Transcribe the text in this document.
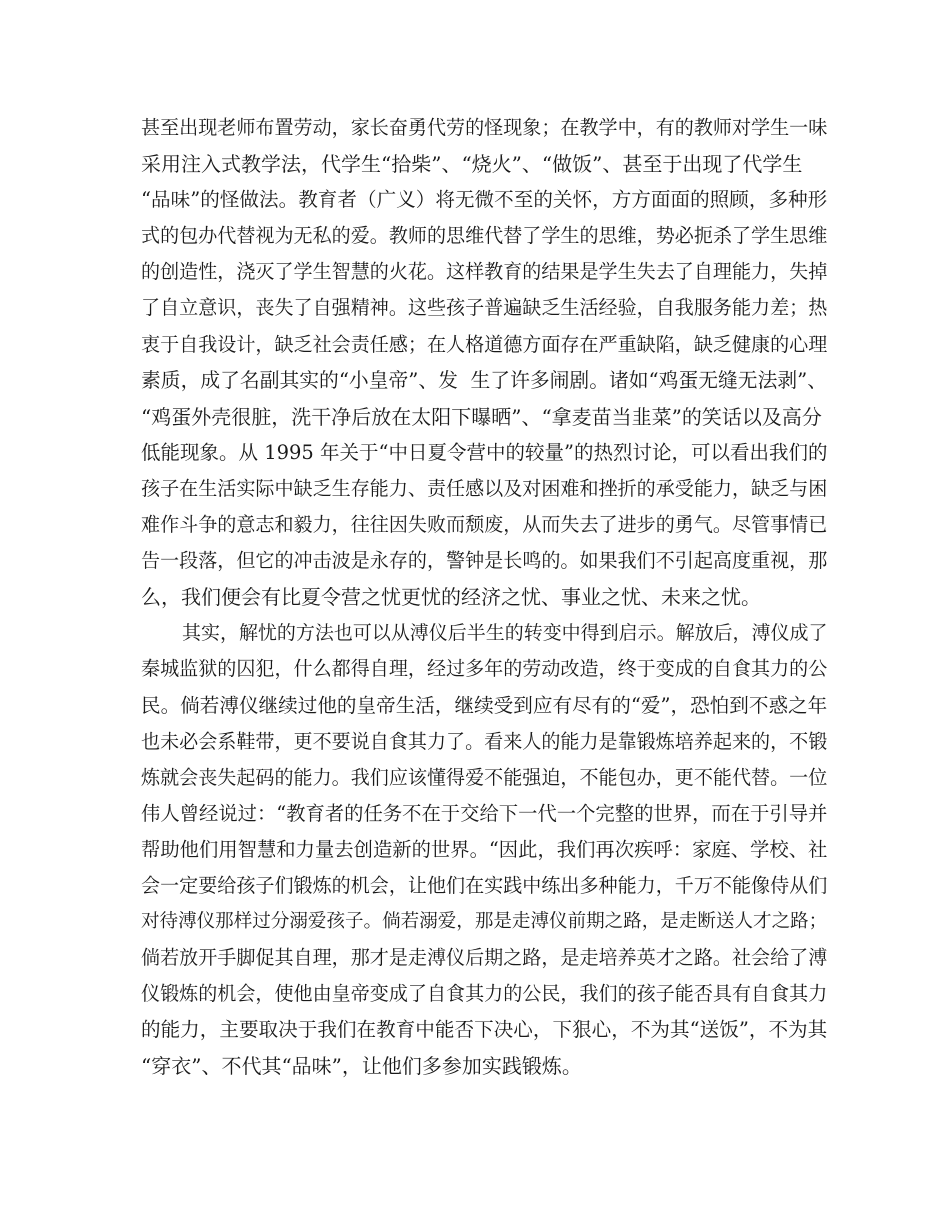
甚至出现老师布置劳动，家长奋勇代劳的怪现象；在教学中，有的教师对学生一味
采用注入式教学法，代学生“拾柴”、“烧火”、“做饭”、甚至于出现了代学生
“品味”的怪做法。教育者（广义）将无微不至的关怀，方方面面的照顾，多种形
式的包办代替视为无私的爱。教师的思维代替了学生的思维，势必扼杀了学生思维
的创造性，浇灭了学生智慧的火花。这样教育的结果是学生失去了自理能力，失掉
了自立意识，丧失了自强精神。这些孩子普遍缺乏生活经验，自我服务能力差；热
衷于自我设计，缺乏社会责任感；在人格道德方面存在严重缺陷，缺乏健康的心理
素质，成了名副其实的“小皇帝”、发  生了许多闹剧。诸如“鸡蛋无缝无法剥”、
“鸡蛋外壳很脏，洗干净后放在太阳下曝晒”、“拿麦苗当韭菜”的笑话以及高分
低能现象。从 1995 年关于“中日夏令营中的较量”的热烈讨论，可以看出我们的
孩子在生活实际中缺乏生存能力、责任感以及对困难和挫折的承受能力，缺乏与困
难作斗争的意志和毅力，往往因失败而颓废，从而失去了进步的勇气。尽管事情已
告一段落，但它的冲击波是永存的，警钟是长鸣的。如果我们不引起高度重视，那
么，我们便会有比夏令营之忧更忧的经济之忧、事业之忧、未来之忧。
其实，解忧的方法也可以从溥仪后半生的转变中得到启示。解放后，溥仪成了
秦城监狱的囚犯，什么都得自理，经过多年的劳动改造，终于变成的自食其力的公
民。倘若溥仪继续过他的皇帝生活，继续受到应有尽有的“爱”，恐怕到不惑之年
也未必会系鞋带，更不要说自食其力了。看来人的能力是靠锻炼培养起来的，不锻
炼就会丧失起码的能力。我们应该懂得爱不能强迫，不能包办，更不能代替。一位
伟人曾经说过：“教育者的任务不在于交给下一代一个完整的世界，而在于引导并
帮助他们用智慧和力量去创造新的世界。“因此，我们再次疾呼：家庭、学校、社
会一定要给孩子们锻炼的机会，让他们在实践中练出多种能力，千万不能像侍从们
对待溥仪那样过分溺爱孩子。倘若溺爱，那是走溥仪前期之路，是走断送人才之路；
倘若放开手脚促其自理，那才是走溥仪后期之路，是走培养英才之路。社会给了溥
仪锻炼的机会，使他由皇帝变成了自食其力的公民，我们的孩子能否具有自食其力
的能力，主要取决于我们在教育中能否下决心，下狠心，不为其“送饭”，不为其
“穿衣”、不代其“品味”，让他们多参加实践锻炼。
